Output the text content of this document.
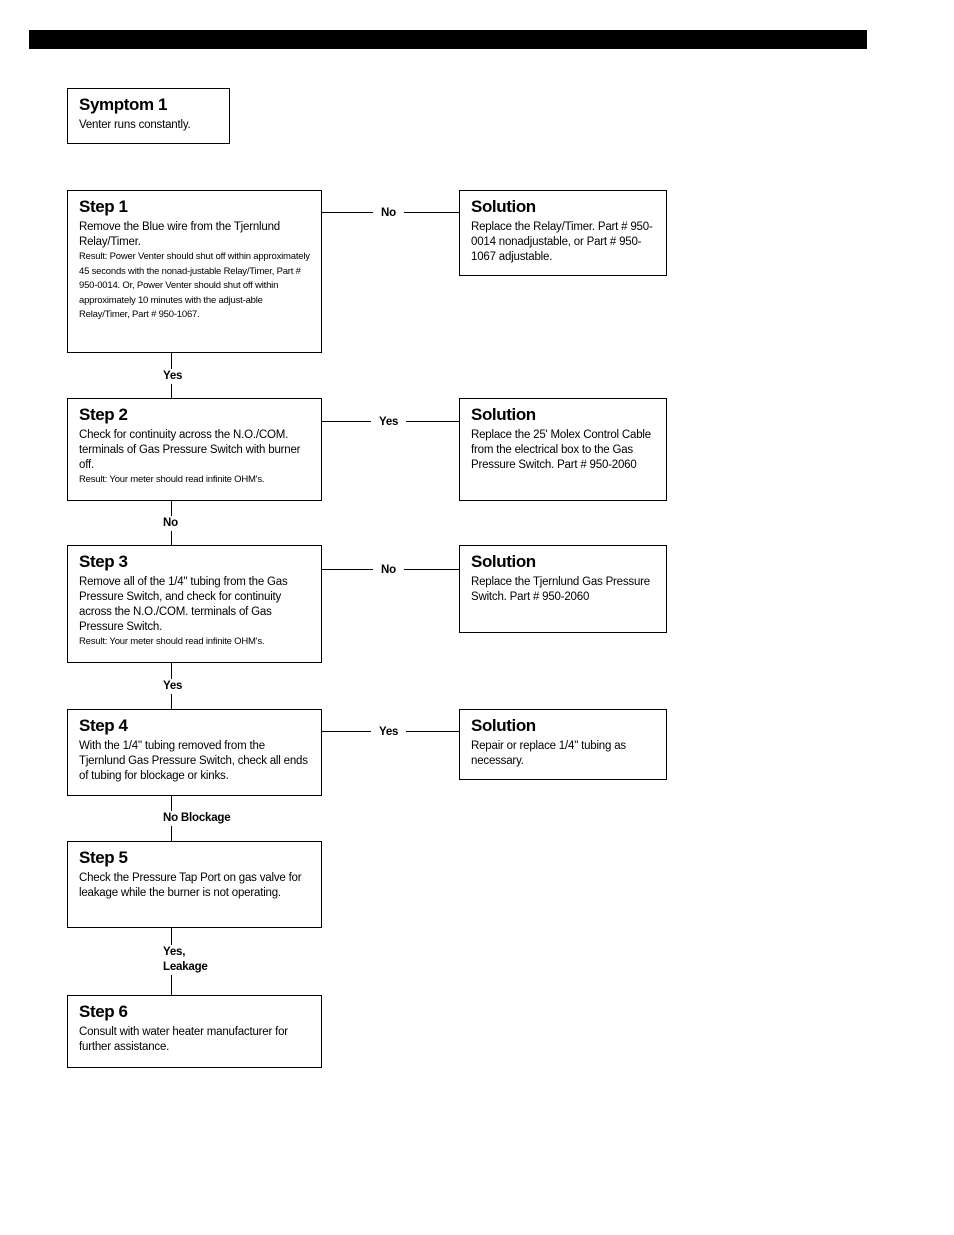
Symptom 1
Venter runs constantly.
Step 1
Remove the Blue wire from the Tjernlund Relay/Timer.
Result: Power Venter should shut off within approximately 45 seconds with the nonad-justable Relay/Timer, Part # 950-0014. Or, Power Venter should shut off within approximately 10 minutes with the adjust-able Relay/Timer, Part # 950-1067.
Step 2
Check for continuity across the N.O./COM. terminals of Gas Pressure Switch with burner off.
Result: Your meter should read infinite OHM's.
Step 3
Remove all of the 1/4" tubing from the Gas Pressure Switch, and check for continuity across the N.O./COM. terminals of Gas Pressure Switch.
Result: Your meter should read infinite OHM's.
Step 4
With the 1/4" tubing removed from the Tjernlund Gas Pressure Switch, check all ends of tubing for blockage or kinks.
Step 5
Check the Pressure Tap Port on gas valve for leakage while the burner is not operating.
Step 6
Consult with water heater manufacturer for further assistance.
Solution
Replace the Relay/Timer. Part # 950-0014 nonadjustable, or Part # 950-1067 adjustable.
Solution
Replace the 25' Molex Control Cable from the electrical box to the Gas Pressure Switch. Part # 950-2060
Solution
Replace the Tjernlund Gas Pressure Switch. Part # 950-2060
Solution
Repair or replace 1/4" tubing as necessary.
No
Yes
No
Yes
Yes
No
Yes
No Blockage
Yes,
Leakage
